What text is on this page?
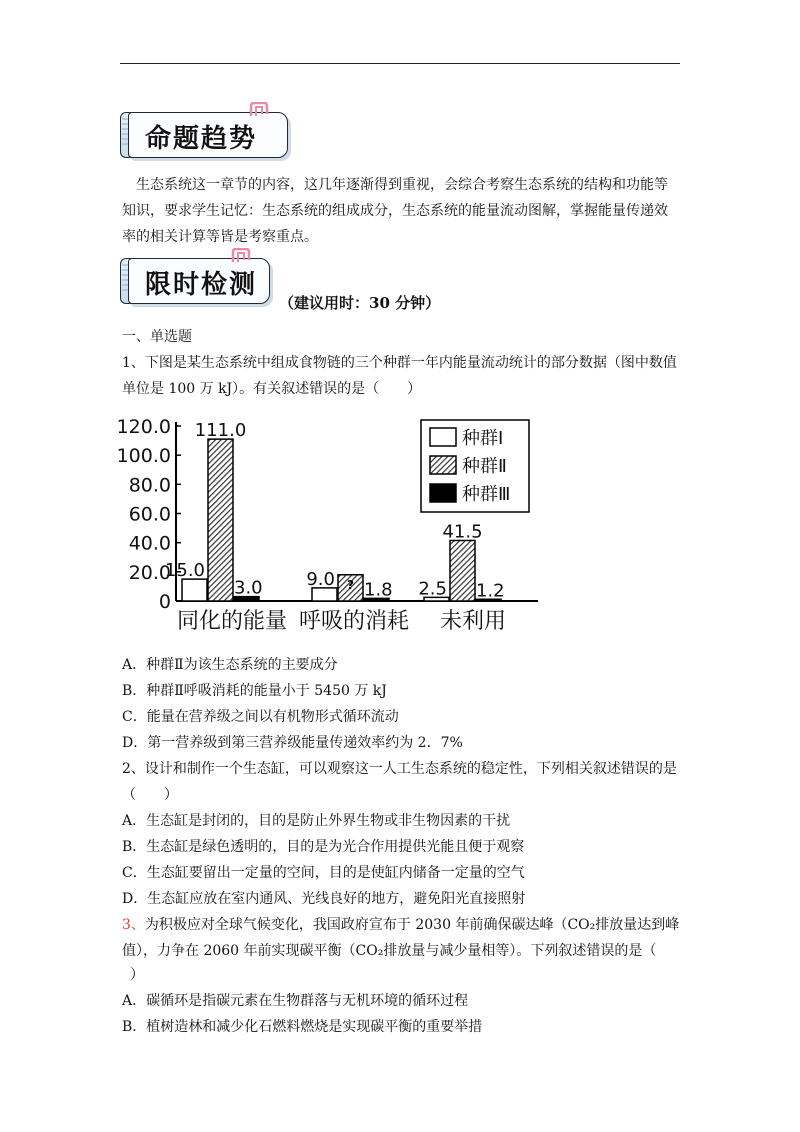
命题趋势
生态系统这一章节的内容，这几年逐渐得到重视，会综合考察生态系统的结构和功能等
知识，要求学生记忆：生态系统的组成成分，生态系统的能量流动图解，掌握能量传递效
率的相关计算等皆是考察重点。
限时检测
（建议用时：30 分钟）
一、单选题
1、下图是某生态系统中组成食物链的三个种群一年内能量流动统计的部分数据（图中数值
单位是 100 万 kJ）。有关叙述错误的是（　　）
0
20.0
40.0
60.0
80.0
100.0
120.0
15.0	9.0	2.5
111.0
?
41.5
3.0	1.8	1.2
同化的能量 呼吸的消耗 未利用
种群Ⅰ
种群Ⅱ
种群Ⅲ
A．种群Ⅱ为该生态系统的主要成分
B．种群Ⅱ呼吸消耗的能量小于 5450 万 kJ
C．能量在营养级之间以有机物形式循环流动
D．第一营养级到第三营养级能量传递效率约为 2．7%
2、设计和制作一个生态缸，可以观察这一人工生态系统的稳定性，下列相关叙述错误的是
（　　）
A．生态缸是封闭的，目的是防止外界生物或非生物因素的干扰
B．生态缸是绿色透明的，目的是为光合作用提供光能且便于观察
C．生态缸要留出一定量的空间，目的是使缸内储备一定量的空气
D．生态缸应放在室内通风、光线良好的地方，避免阳光直接照射
3、为积极应对全球气候变化，我国政府宣布于 2030 年前确保碳达峰（CO₂排放量达到峰
值），力争在 2060 年前实现碳平衡（CO₂排放量与减少量相等）。下列叙述错误的是（
）
A．碳循环是指碳元素在生物群落与无机环境的循环过程
B．植树造林和减少化石燃料燃烧是实现碳平衡的重要举措
